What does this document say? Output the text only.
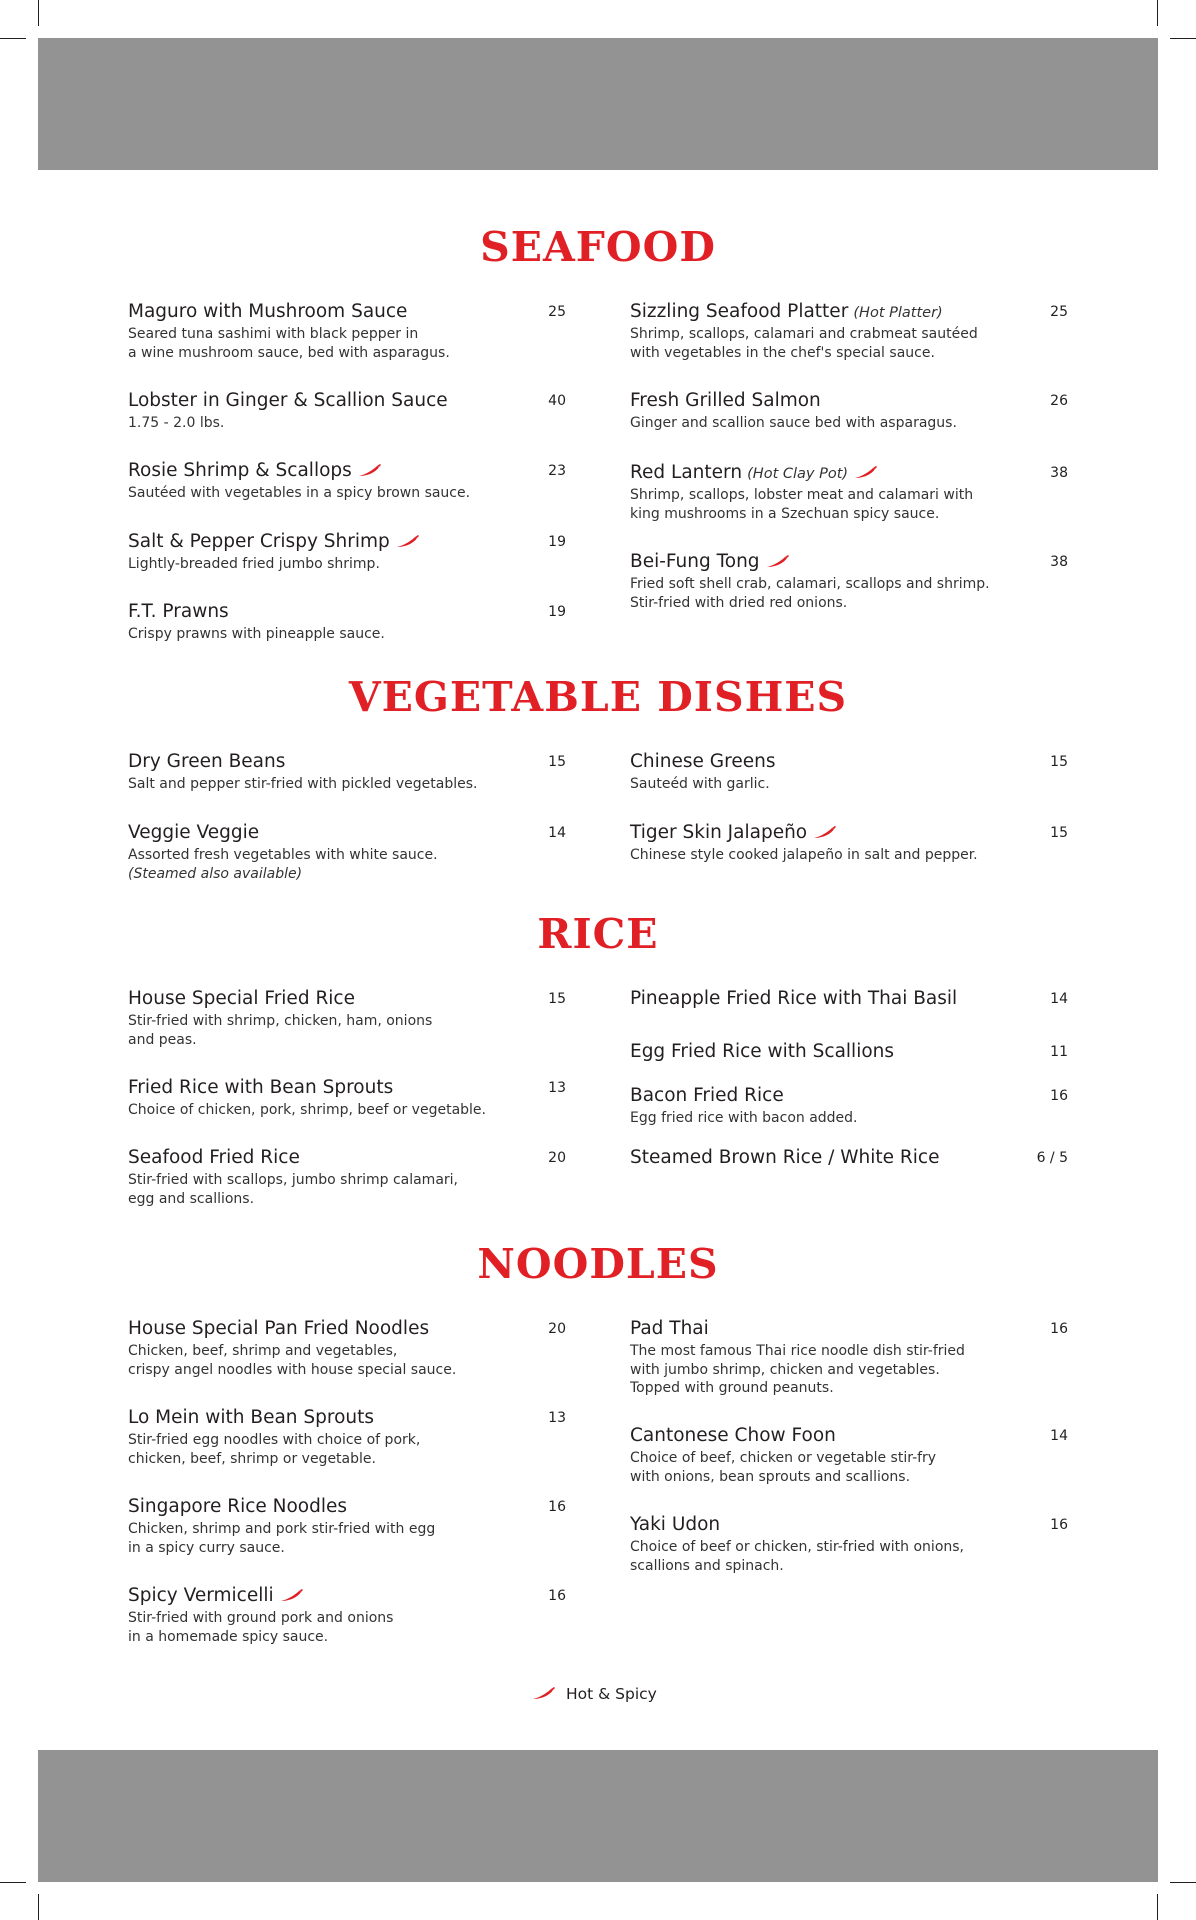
SEAFOOD
Maguro with Mushroom Sauce	25
Seared tuna sashimi with black pepper in
a wine mushroom sauce, bed with asparagus.
Lobster in Ginger & Scallion Sauce	40
1.75 - 2.0 lbs.
Rosie Shrimp & Scallops	23
Sautéed with vegetables in a spicy brown sauce.
Salt & Pepper Crispy Shrimp	19
Lightly-breaded fried jumbo shrimp.
F.T. Prawns	19
Crispy prawns with pineapple sauce.
Sizzling Seafood Platter (Hot Platter)	25
Shrimp, scallops, calamari and crabmeat sautéed
with vegetables in the chef's special sauce.
Fresh Grilled Salmon	26
Ginger and scallion sauce bed with asparagus.
Red Lantern (Hot Clay Pot)	38
Shrimp, scallops, lobster meat and calamari with
king mushrooms in a Szechuan spicy sauce.
Bei-Fung Tong	38
Fried soft shell crab, calamari, scallops and shrimp.
Stir-fried with dried red onions.
VEGETABLE DISHES
Dry Green Beans	15
Salt and pepper stir-fried with pickled vegetables.
Veggie Veggie	14
Assorted fresh vegetables with white sauce.
(Steamed also available)
Chinese Greens	15
Sauteéd with garlic.
Tiger Skin Jalapeño	15
Chinese style cooked jalapeño in salt and pepper.
RICE
House Special Fried Rice	15
Stir-fried with shrimp, chicken, ham, onions
and peas.
Fried Rice with Bean Sprouts	13
Choice of chicken, pork, shrimp, beef or vegetable.
Seafood Fried Rice	20
Stir-fried with scallops, jumbo shrimp calamari,
egg and scallions.
Pineapple Fried Rice with Thai Basil	14
Egg Fried Rice with Scallions	11
Bacon Fried Rice	16
Egg fried rice with bacon added.
Steamed Brown Rice / White Rice	6 / 5
NOODLES
House Special Pan Fried Noodles	20
Chicken, beef, shrimp and vegetables,
crispy angel noodles with house special sauce.
Lo Mein with Bean Sprouts	13
Stir-fried egg noodles with choice of pork,
chicken, beef, shrimp or vegetable.
Singapore Rice Noodles	16
Chicken, shrimp and pork stir-fried with egg
in a spicy curry sauce.
Spicy Vermicelli	16
Stir-fried with ground pork and onions
in a homemade spicy sauce.
Pad Thai	16
The most famous Thai rice noodle dish stir-fried
with jumbo shrimp, chicken and vegetables.
Topped with ground peanuts.
Cantonese Chow Foon	14
Choice of beef, chicken or vegetable stir-fry
with onions, bean sprouts and scallions.
Yaki Udon	16
Choice of beef or chicken, stir-fried with onions,
scallions and spinach.
Hot & Spicy
